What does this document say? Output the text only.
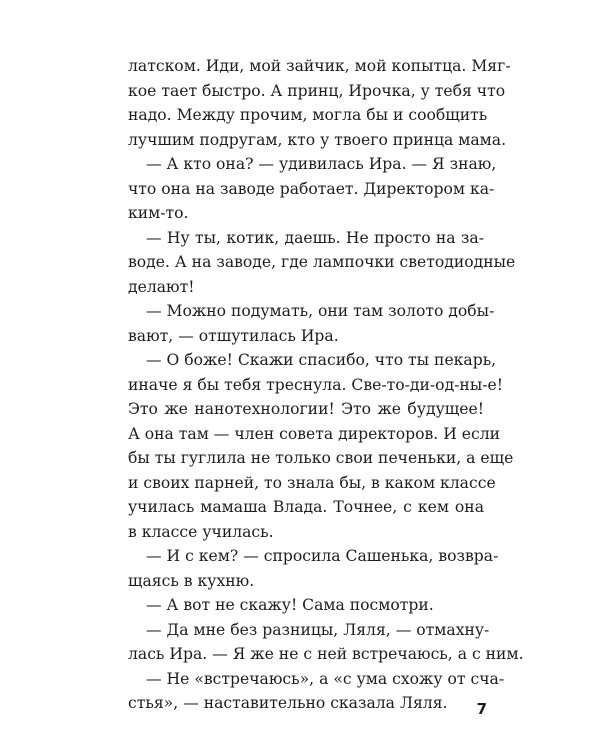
латском. Иди, мой зайчик, мой копытца. Мяг-
кое тает быстро. А принц, Ирочка, у тебя что
надо. Между прочим, могла бы и сообщить
лучшим подругам, кто у твоего принца мама.
— А кто она? — удивилась Ира. — Я знаю,
что она на заводе работает. Директором ка-
ким-то.
— Ну ты, котик, даешь. Не просто на за-
воде. А на заводе, где лампочки светодиодные
делают!
— Можно подумать, они там золото добы-
вают, — отшутилась Ира.
— О боже! Скажи спасибо, что ты пекарь,
иначе я бы тебя треснула. Све-то-ди-од-ны-е!
Это же нанотехнологии! Это же будущее!
А она там — член совета директоров. И если
бы ты гуглила не только свои печеньки, а еще
и своих парней, то знала бы, в каком классе
училась мамаша Влада. Точнее, с кем она
в классе училась.
— И с кем? — спросила Сашенька, возвра-
щаясь в кухню.
— А вот не скажу! Сама посмотри.
— Да мне без разницы, Ляля, — отмахну-
лась Ира. — Я же не с ней встречаюсь, а с ним.
— Не «встречаюсь», а «с ума схожу от сча-
стья», — наставительно сказала Ляля.	7
